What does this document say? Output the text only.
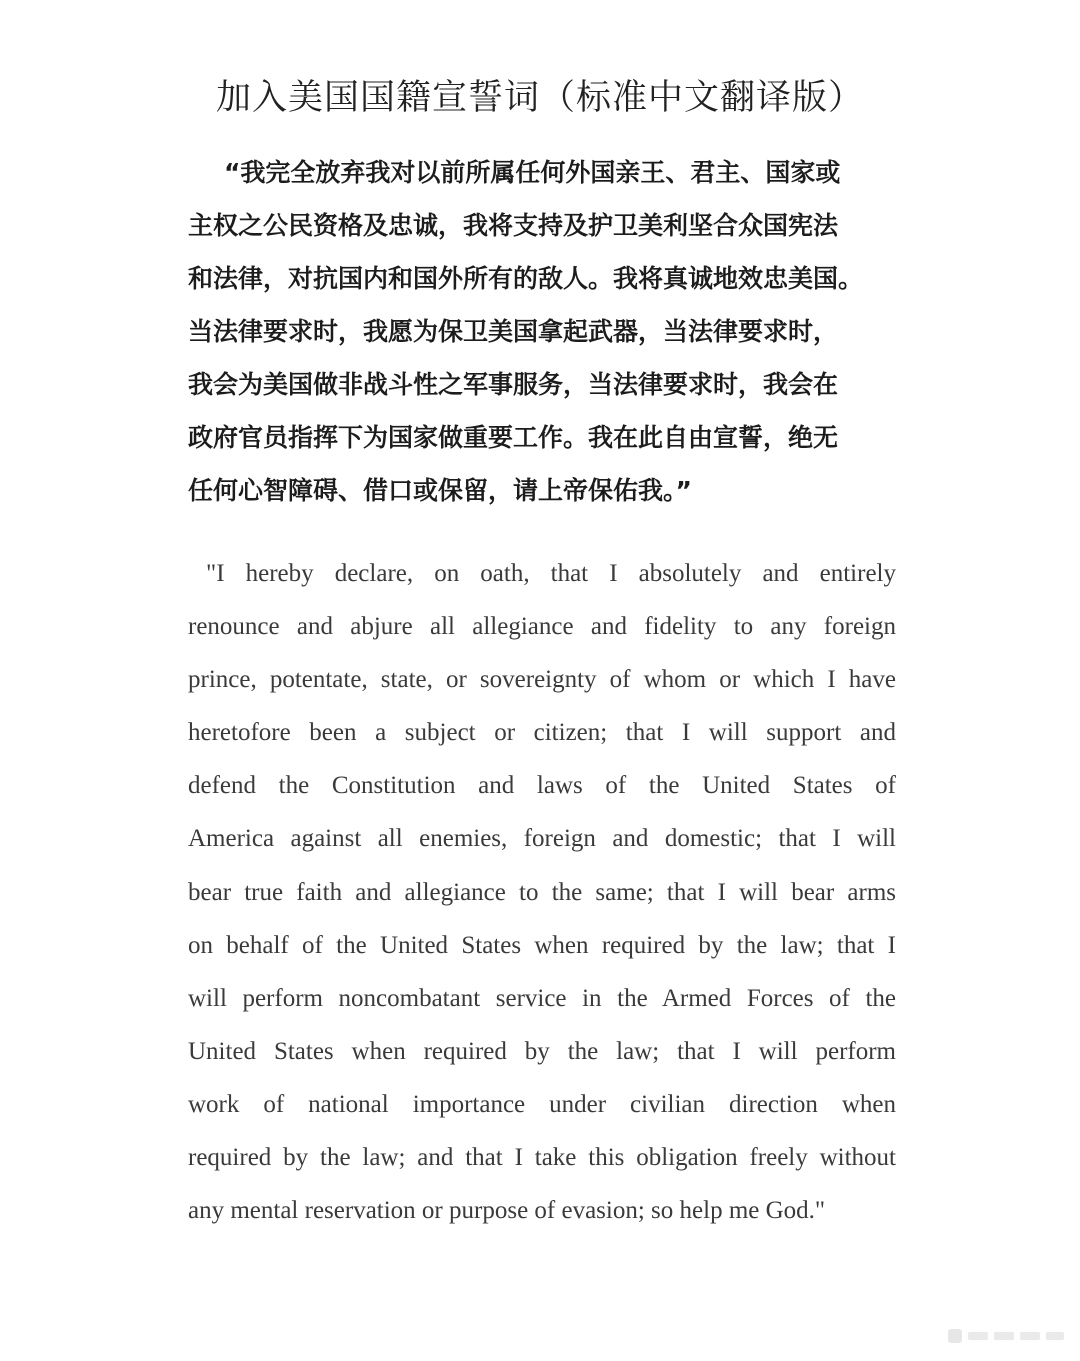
加入美国国籍宣誓词（标准中文翻译版）
“我完全放弃我对以前所属任何外国亲王、君主、国家或
主权之公民资格及忠诚，我将支持及护卫美利坚合众国宪法
和法律，对抗国内和国外所有的敌人。我将真诚地效忠美国。
当法律要求时，我愿为保卫美国拿起武器，当法律要求时，
我会为美国做非战斗性之军事服务，当法律要求时，我会在
政府官员指挥下为国家做重要工作。我在此自由宣誓，绝无
任何心智障碍、借口或保留，请上帝保佑我。”
"I hereby declare, on oath, that I absolutely and entirely
renounce and abjure all allegiance and fidelity to any foreign
prince, potentate, state, or sovereignty of whom or which I have
heretofore been a subject or citizen; that I will support and
defend the Constitution and laws of the United States of
America against all enemies, foreign and domestic; that I will
bear true faith and allegiance to the same; that I will bear arms
on behalf of the United States when required by the law; that I
will perform noncombatant service in the Armed Forces of the
United States when required by the law; that I will perform
work of national importance under civilian direction when
required by the law; and that I take this obligation freely without
any mental reservation or purpose of evasion; so help me God."
